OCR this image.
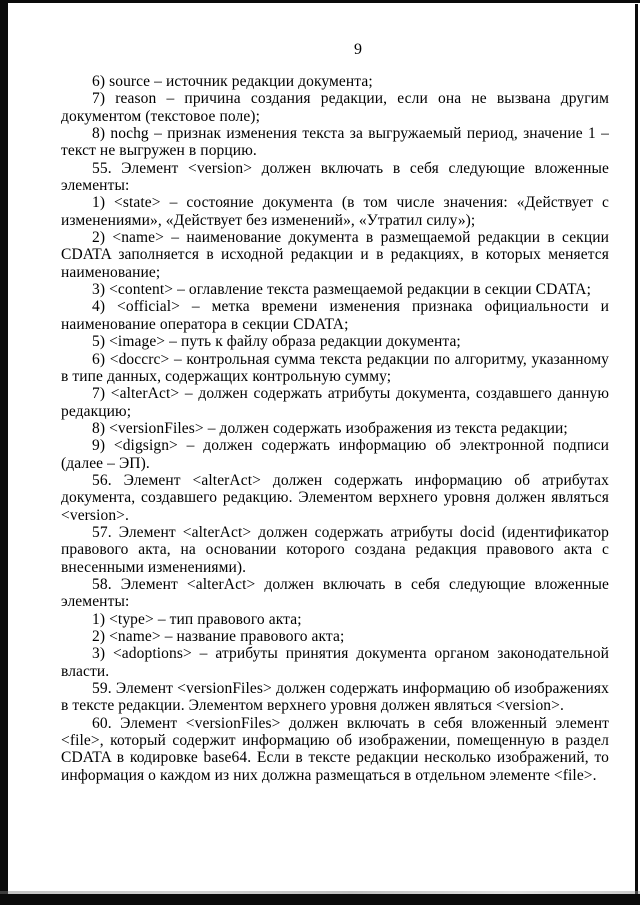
9

6) source – источник редакции документа;

7) reason – причина создания редакции, если она не вызвана другим документом (текстовое поле);

8) nochg – признак изменения текста за выгружаемый период, значение 1 – текст не выгружен в порцию.

55. Элемент <version> должен включать в себя следующие вложенные элементы:

1) <state> – состояние документа (в том числе значения: «Действует с изменениями», «Действует без изменений», «Утратил силу»);

2) <name> – наименование документа в размещаемой редакции в секции CDATA заполняется в исходной редакции и в редакциях, в которых меняется наименование;

3) <content> – оглавление текста размещаемой редакции в секции CDATA;

4) <official> – метка времени изменения признака официальности и наименование оператора в секции CDATA;

5) <image> – путь к файлу образа редакции документа;

6) <doccrc> – контрольная сумма текста редакции по алгоритму, указанному в типе данных, содержащих контрольную сумму;

7) <alterAct> – должен содержать атрибуты документа, создавшего данную редакцию;

8) <versionFiles> – должен содержать изображения из текста редакции;

9) <digsign> – должен содержать информацию об электронной подписи (далее – ЭП).

56. Элемент <alterAct> должен содержать информацию об атрибутах документа, создавшего редакцию. Элементом верхнего уровня должен являться <version>.

57. Элемент <alterAct> должен содержать атрибуты docid (идентификатор правового акта, на основании которого создана редакция правового акта с внесенными изменениями).

58. Элемент <alterAct> должен включать в себя следующие вложенные элементы:

1) <type> – тип правового акта;

2) <name> – название правового акта;

3) <adoptions> – атрибуты принятия документа органом законодательной власти.

59. Элемент <versionFiles> должен содержать информацию об изображениях в тексте редакции. Элементом верхнего уровня должен являться <version>.

60. Элемент <versionFiles> должен включать в себя вложенный элемент <file>, который содержит информацию об изображении, помещенную в раздел CDATA в кодировке base64. Если в тексте редакции несколько изображений, то информация о каждом из них должна размещаться в отдельном элементе <file>.
